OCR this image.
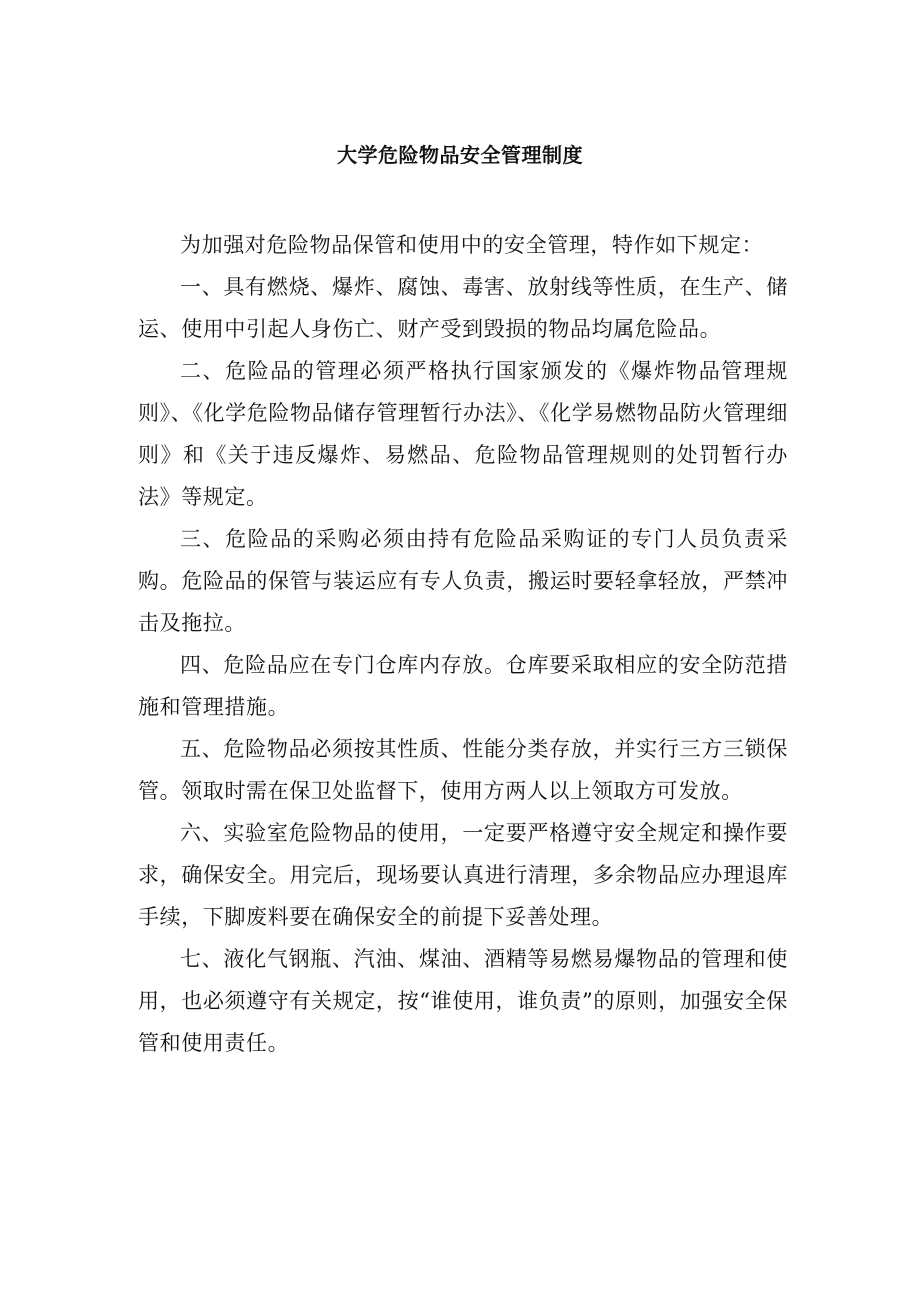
大学危险物品安全管理制度

为加强对危险物品保管和使用中的安全管理，特作如下规定：

一、具有燃烧、爆炸、腐蚀、毒害、放射线等性质，在生产、储运、使用中引起人身伤亡、财产受到毁损的物品均属危险品。

二、危险品的管理必须严格执行国家颁发的《爆炸物品管理规则》、《化学危险物品储存管理暂行办法》、《化学易燃物品防火管理细则》和《关于违反爆炸、易燃品、危险物品管理规则的处罚暂行办法》等规定。

三、危险品的采购必须由持有危险品采购证的专门人员负责采购。危险品的保管与装运应有专人负责，搬运时要轻拿轻放，严禁冲击及拖拉。

四、危险品应在专门仓库内存放。仓库要采取相应的安全防范措施和管理措施。

五、危险物品必须按其性质、性能分类存放，并实行三方三锁保管。领取时需在保卫处监督下，使用方两人以上领取方可发放。

六、实验室危险物品的使用，一定要严格遵守安全规定和操作要求，确保安全。用完后，现场要认真进行清理，多余物品应办理退库手续，下脚废料要在确保安全的前提下妥善处理。

七、液化气钢瓶、汽油、煤油、酒精等易燃易爆物品的管理和使用，也必须遵守有关规定，按“谁使用，谁负责”的原则，加强安全保管和使用责任。
